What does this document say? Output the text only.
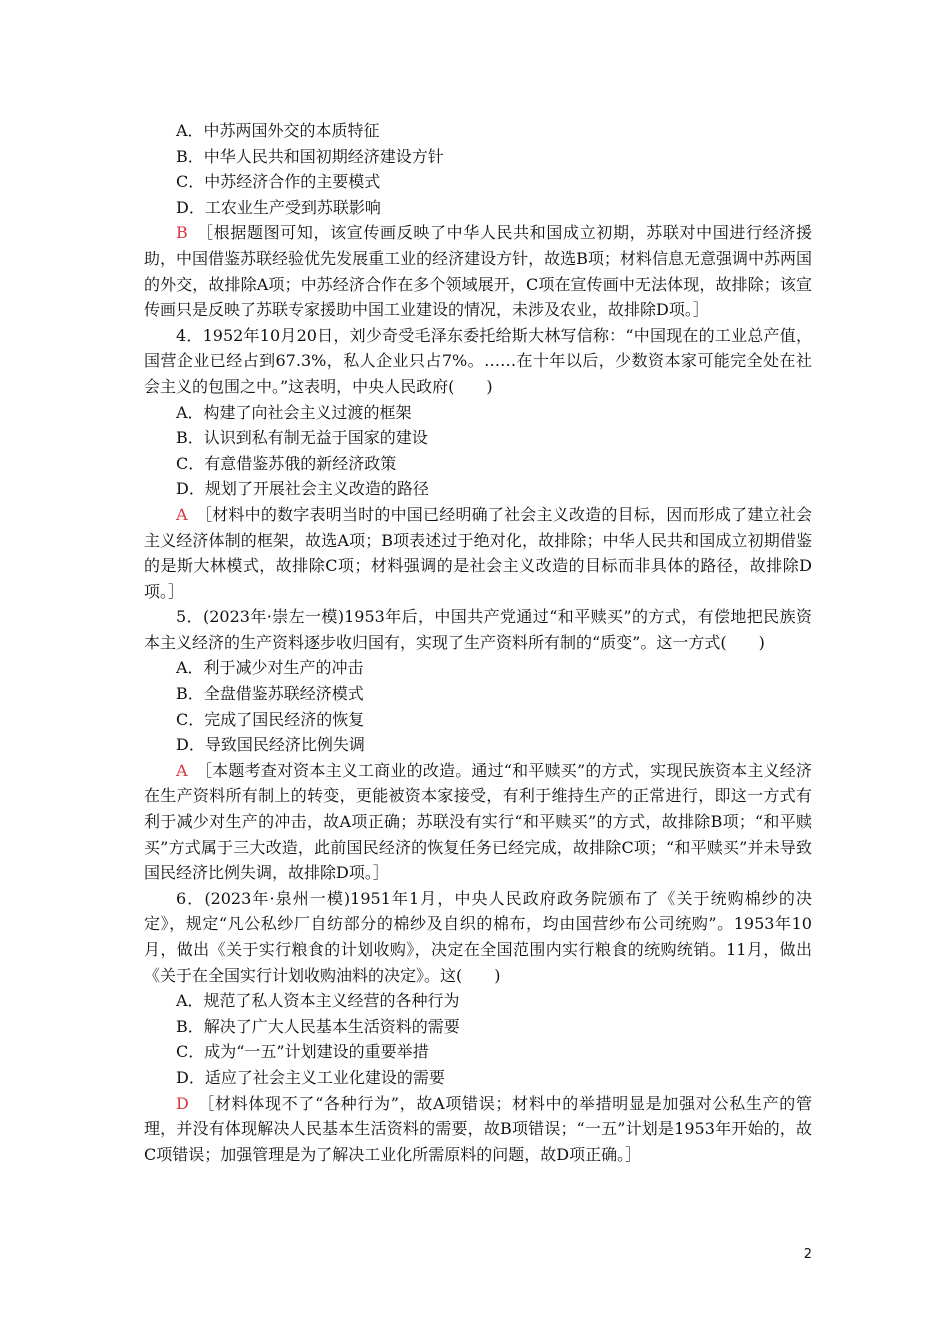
A．中苏两国外交的本质特征

B．中华人民共和国初期经济建设方针

C．中苏经济合作的主要模式

D．工农业生产受到苏联影响

B　 ［根据题图可知，该宣传画反映了中华人民共和国成立初期，苏联对中国进行经济援助，中国借鉴苏联经验优先发展重工业的经济建设方针，故选B项；材料信息无意强调中苏两国的外交，故排除A项；中苏经济合作在多个领域展开，C项在宣传画中无法体现，故排除；该宣传画只是反映了苏联专家援助中国工业建设的情况，未涉及农业，故排除D项。］

4．1952年10月20日，刘少奇受毛泽东委托给斯大林写信称：“中国现在的工业总产值，国营企业已经占到67.3%，私人企业只占7%。……在十年以后，少数资本家可能完全处在社会主义的包围之中。”这表明，中央人民政府(　　)

A．构建了向社会主义过渡的框架

B．认识到私有制无益于国家的建设

C．有意借鉴苏俄的新经济政策

D．规划了开展社会主义改造的路径

A　 ［材料中的数字表明当时的中国已经明确了社会主义改造的目标，因而形成了建立社会主义经济体制的框架，故选A项；B项表述过于绝对化，故排除；中华人民共和国成立初期借鉴的是斯大林模式，故排除C项；材料强调的是社会主义改造的目标而非具体的路径，故排除D项。］

5．(2023年·崇左一模)1953年后，中国共产党通过“和平赎买”的方式，有偿地把民族资本主义经济的生产资料逐步收归国有，实现了生产资料所有制的“质变”。这一方式(　　)

A．利于减少对生产的冲击

B．全盘借鉴苏联经济模式

C．完成了国民经济的恢复

D．导致国民经济比例失调

A　 ［本题考查对资本主义工商业的改造。通过“和平赎买”的方式，实现民族资本主义经济在生产资料所有制上的转变，更能被资本家接受，有利于维持生产的正常进行，即这一方式有利于减少对生产的冲击，故A项正确；苏联没有实行“和平赎买”的方式，故排除B项；“和平赎买”方式属于三大改造，此前国民经济的恢复任务已经完成，故排除C项；“和平赎买”并未导致国民经济比例失调，故排除D项。］

6．(2023年·泉州一模)1951年1月，中央人民政府政务院颁布了《关于统购棉纱的决定》，规定“凡公私纱厂自纺部分的棉纱及自织的棉布，均由国营纱布公司统购”。1953年10月，做出《关于实行粮食的计划收购》，决定在全国范围内实行粮食的统购统销。11月，做出《关于在全国实行计划收购油料的决定》。这(　　)

A．规范了私人资本主义经营的各种行为

B．解决了广大人民基本生活资料的需要

C．成为“一五”计划建设的重要举措

D．适应了社会主义工业化建设的需要

D　 ［材料体现不了“各种行为”，故A项错误；材料中的举措明显是加强对公私生产的管理，并没有体现解决人民基本生活资料的需要，故B项错误；“一五”计划是1953年开始的，故C项错误；加强管理是为了解决工业化所需原料的问题，故D项正确。］

2
